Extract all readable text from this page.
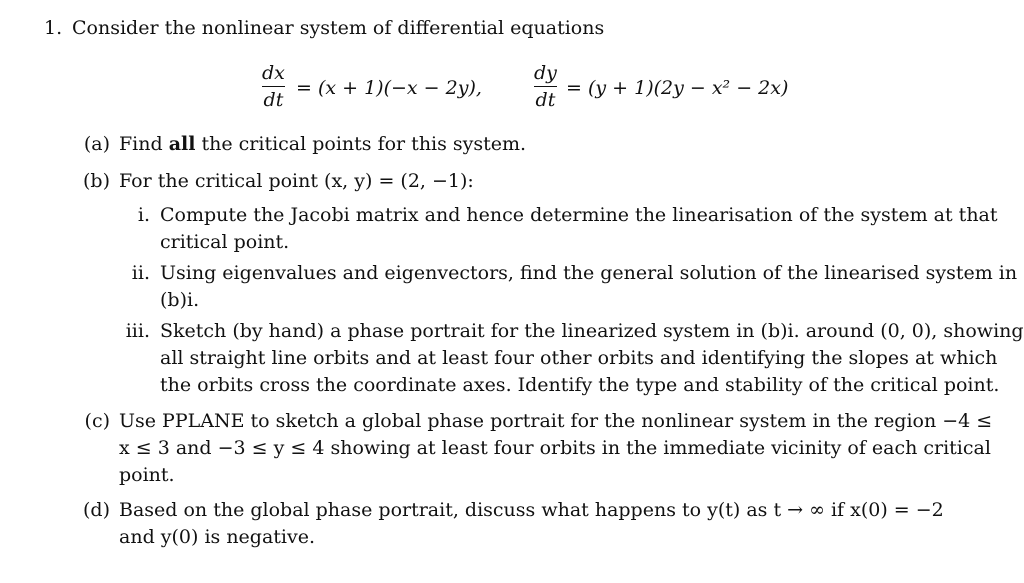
1. Consider the nonlinear system of differential equations
dx
dt
= (x + 1)(−x − 2y),
dy
dt
= (y + 1)(2y − x² − 2x)
(a) Find all the critical points for this system.
(b) For the critical point (x, y) = (2, −1):
i. Compute the Jacobi matrix and hence determine the linearisation of the system at that
critical point.
ii. Using eigenvalues and eigenvectors, find the general solution of the linearised system in
(b)i.
iii. Sketch (by hand) a phase portrait for the linearized system in (b)i. around (0, 0), showing
all straight line orbits and at least four other orbits and identifying the slopes at which
the orbits cross the coordinate axes. Identify the type and stability of the critical point.
(c) Use PPLANE to sketch a global phase portrait for the nonlinear system in the region −4 ≤
x ≤ 3 and −3 ≤ y ≤ 4 showing at least four orbits in the immediate vicinity of each critical
point.
(d) Based on the global phase portrait, discuss what happens to y(t) as t → ∞ if x(0) = −2
and y(0) is negative.
